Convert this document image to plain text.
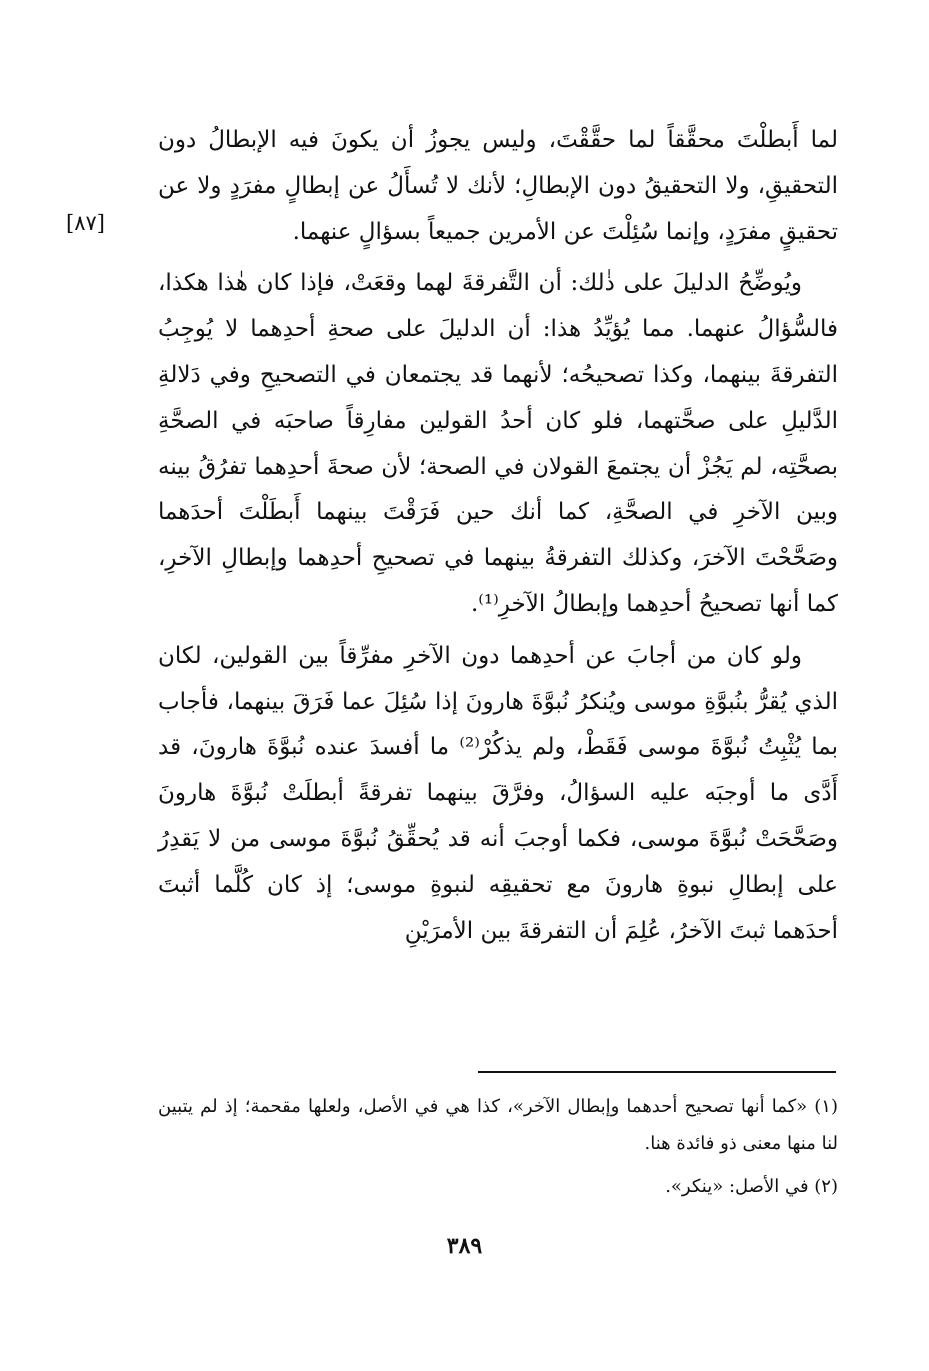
[٨٧]

لما أَبطلْتَ محقَّقاً لما حقَّقْتَ، وليس يجوزُ أن يكونَ فيه الإبطالُ دون التحقيقِ، ولا التحقيقُ دون الإبطالِ؛ لأنك لا تُسأَلُ عن إبطالٍ مفرَدٍ ولا عن تحقيقٍ مفرَدٍ، وإنما سُئِلْتَ عن الأمرين جميعاً بسؤالٍ عنهما.

ويُوضِّحُ الدليلَ على ذٰلك: أن التَّفرقةَ لهما وقعَتْ، فإذا كان هٰذا هكذا، فالسُّؤالُ عنهما. مما يُؤيِّدُ هذا: أن الدليلَ على صحةِ أحدِهما لا يُوجِبُ التفرقةَ بينهما، وكذا تصحيحُه؛ لأنهما قد يجتمعان في التصحيحِ وفي دَلالةِ الدَّليلِ على صحَّتهما، فلو كان أحدُ القولين مفارِقاً صاحبَه في الصحَّةِ بصحَّتِه، لم يَجُزْ أن يجتمعَ القولان في الصحة؛ لأن صحةَ أحدِهما تفرُقُ بينه وبين الآخرِ في الصحَّةِ، كما أنك حين فَرَقْتَ بينهما أَبطَلْتَ أحدَهما وصَحَّحْتَ الآخرَ، وكذلك التفرقةُ بينهما في تصحيحِ أحدِهما وإبطالِ الآخرِ، كما أنها تصحيحُ أحدِهما وإبطالُ الآخرِ⁽¹⁾.

ولو كان من أجابَ عن أحدِهما دون الآخرِ مفرِّقاً بين القولين، لكان الذي يُقرُّ بنُبوَّةِ موسى ويُنكرُ نُبوَّةَ هارونَ إذا سُئِلَ عما فَرَقَ بينهما، فأجاب بما يُثْبِتُ نُبوَّةَ موسى فَقَطْ، ولم يذكُرْ⁽²⁾ ما أفسدَ عنده نُبوَّةَ هارونَ، قد أَدَّى ما أوجبَه عليه السؤالُ، وفرَّقَ بينهما تفرقةً أبطلَتْ نُبوَّةَ هارونَ وصَحَّحَتْ نُبوَّةَ موسى، فكما أوجبَ أنه قد يُحقِّقُ نُبوَّةَ موسى من لا يَقدِرُ على إبطالِ نبوةِ هارونَ مع تحقيقِه لنبوةِ موسى؛ إذ كان كُلَّما أثبتَ أحدَهما ثبتَ الآخرُ، عُلِمَ أن التفرقةَ بين الأمرَيْنِ

(١) «كما أنها تصحيح أحدهما وإبطال الآخر»، كذا هي في الأصل، ولعلها مقحمة؛ إذ لم يتبين لنا منها معنى ذو فائدة هنا.

(٢) في الأصل: «ينكر».

٣٨٩
